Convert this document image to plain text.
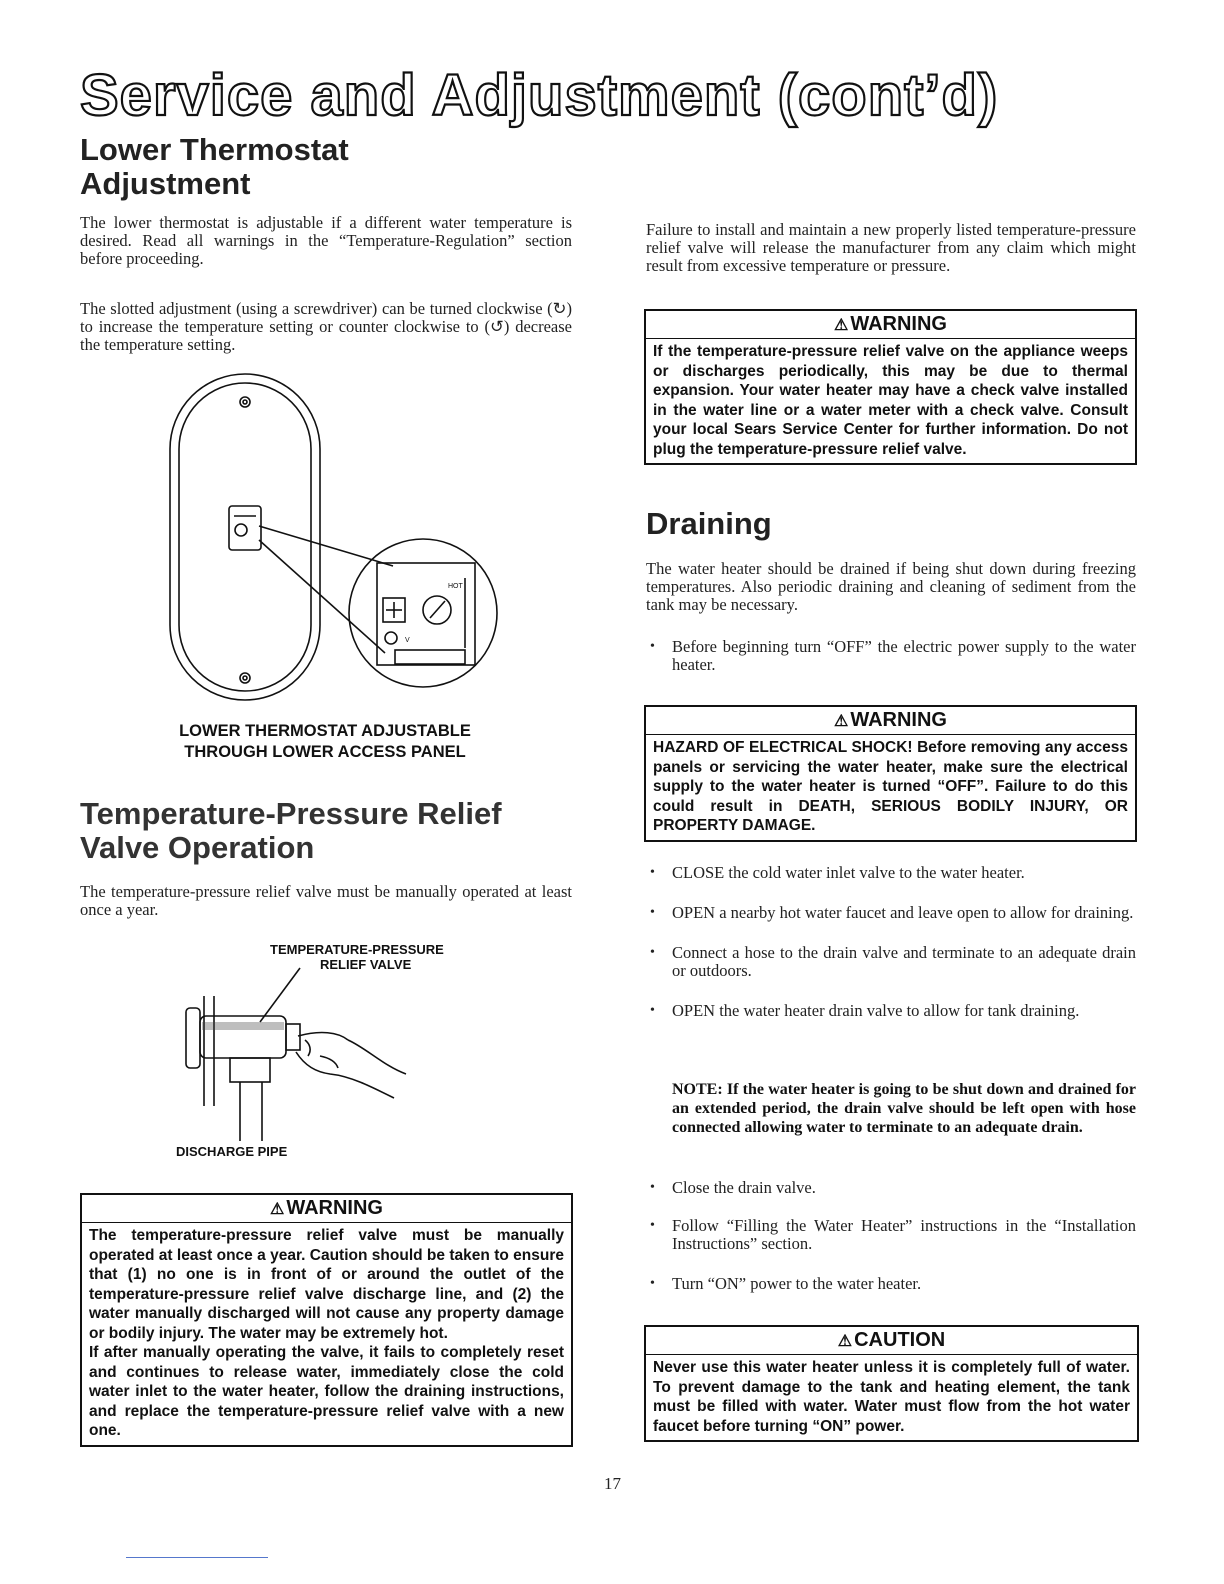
Service and Adjustment (cont’d)
Lower Thermostat
Adjustment

The lower thermostat is adjustable if a different water temperature is desired. Read all warnings in the “Temperature-Regulation” section before proceeding.

The slotted adjustment (using a screwdriver) can be turned clockwise (↻) to increase the temperature setting or counter clockwise to (↺) decrease the temperature setting.

HOT
V
LOWER THERMOSTAT ADJUSTABLE
THROUGH LOWER ACCESS PANEL
Temperature-Pressure Relief
Valve Operation

The temperature-pressure relief valve must be manually operated at least once a year.

TEMPERATURE-PRESSURE
RELIEF VALVE
DISCHARGE PIPE
⚠ WARNING
The temperature-pressure relief valve must be manually operated at least once a year. Caution should be taken to ensure that (1) no one is in front of or around the outlet of the temperature-pressure relief valve discharge line, and (2) the water manually discharged will not cause any property damage or bodily injury. The water may be extremely hot.
If after manually operating the valve, it fails to completely reset and continues to release water, immediately close the cold water inlet to the water heater, follow the draining instructions, and replace the temperature-pressure relief valve with a new one.

Failure to install and maintain a new properly listed temperature-pressure relief valve will release the manufacturer from any claim which might result from excessive temperature or pressure.

⚠ WARNING
If the temperature-pressure relief valve on the appliance weeps or discharges periodically, this may be due to thermal expansion. Your water heater may have a check valve installed in the water line or a water meter with a check valve. Consult your local Sears Service Center for further information. Do not plug the temperature-pressure relief valve.
Draining

The water heater should be drained if being shut down during freezing temperatures. Also periodic draining and cleaning of sediment from the tank may be necessary.

• Before beginning turn “OFF” the electric power supply to the water heater.
⚠ WARNING
HAZARD OF ELECTRICAL SHOCK! Before removing any access panels or servicing the water heater, make sure the electrical supply to the water heater is turned “OFF”. Failure to do this could result in DEATH, SERIOUS BODILY INJURY, OR PROPERTY DAMAGE.
• CLOSE the cold water inlet valve to the water heater.
• OPEN a nearby hot water faucet and leave open to allow for draining.
• Connect a hose to the drain valve and terminate to an adequate drain or outdoors.
• OPEN the water heater drain valve to allow for tank draining.

NOTE: If the water heater is going to be shut down and drained for an extended period, the drain valve should be left open with hose connected allowing water to terminate to an adequate drain.

• Close the drain valve.
• Follow “Filling the Water Heater” instructions in the “Installation Instructions” section.
• Turn “ON” power to the water heater.
⚠ CAUTION
Never use this water heater unless it is completely full of water. To prevent damage to the tank and heating element, the tank must be filled with water. Water must flow from the hot water faucet before turning “ON” power.
17
